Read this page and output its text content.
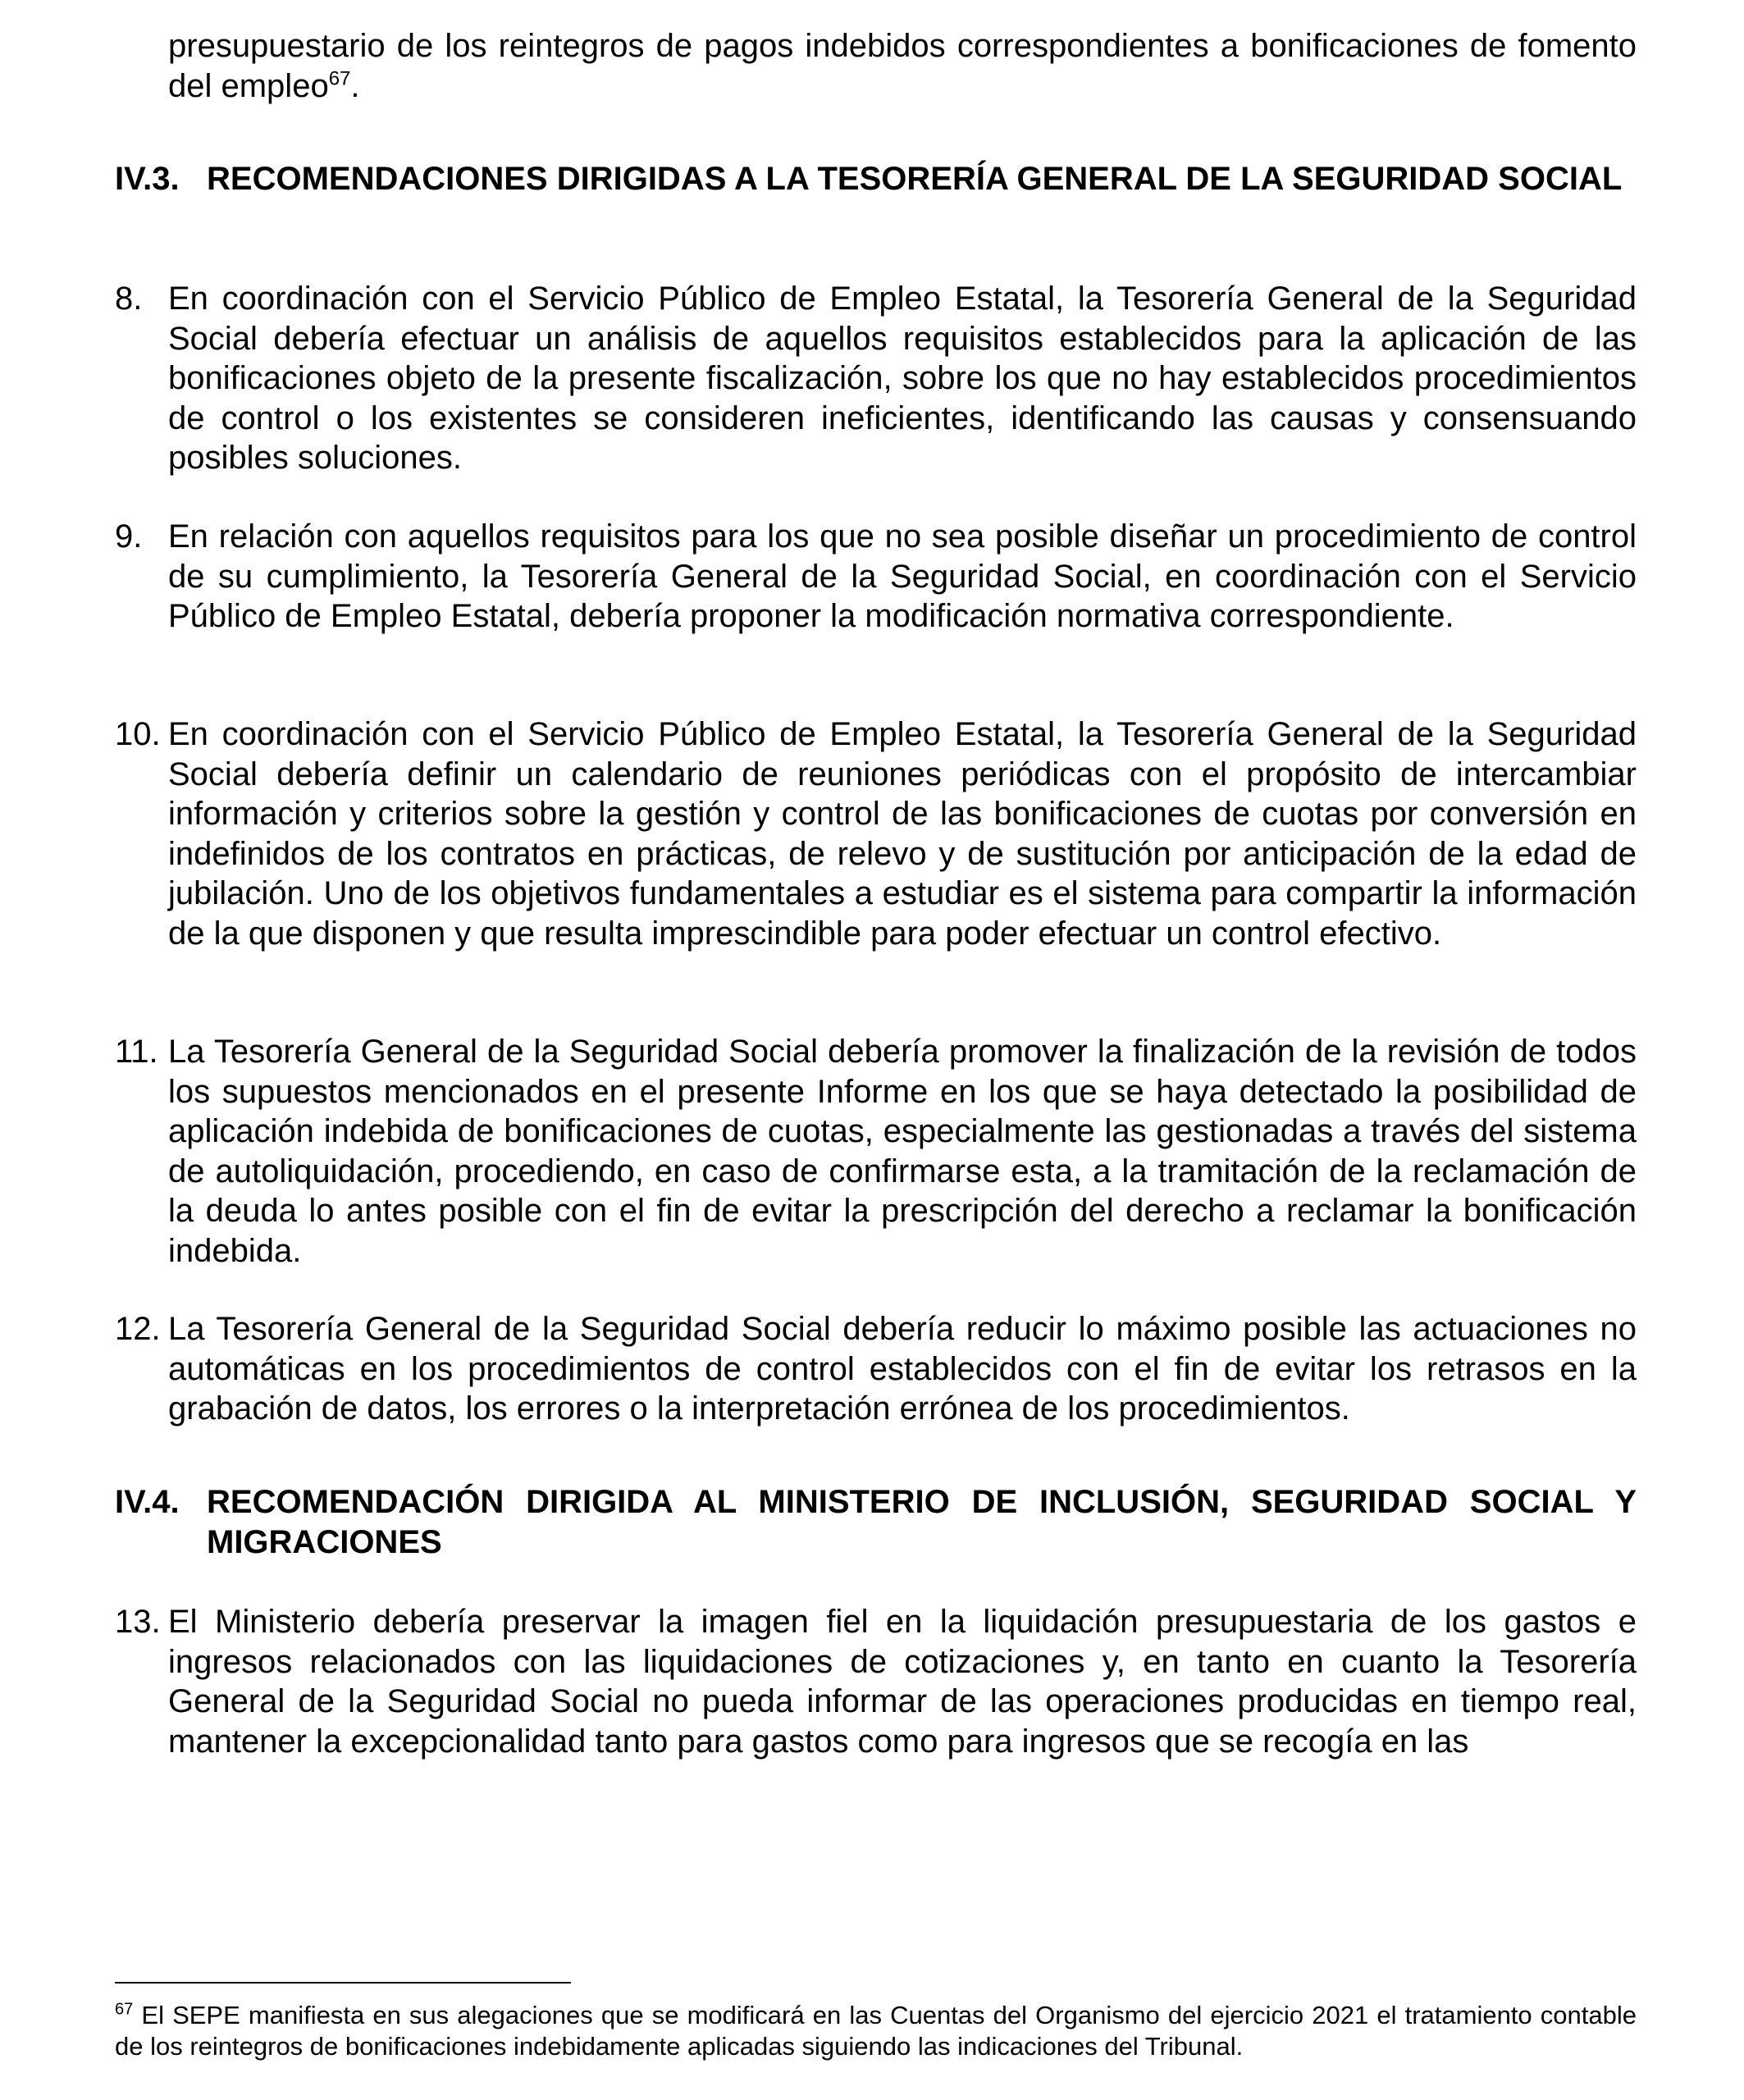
presupuestario de los reintegros de pagos indebidos correspondientes a bonificaciones de fomento del empleo$^{67}$.

IV.3. RECOMENDACIONES DIRIGIDAS A LA TESORERÍA GENERAL DE LA SEGURIDAD SOCIAL
8. En coordinación con el Servicio Público de Empleo Estatal, la Tesorería General de la Seguridad Social debería efectuar un análisis de aquellos requisitos establecidos para la aplicación de las bonificaciones objeto de la presente fiscalización, sobre los que no hay establecidos procedimientos de control o los existentes se consideren ineficientes, identificando las causas y consensuando posibles soluciones.
9. En relación con aquellos requisitos para los que no sea posible diseñar un procedimiento de control de su cumplimiento, la Tesorería General de la Seguridad Social, en coordinación con el Servicio Público de Empleo Estatal, debería proponer la modificación normativa correspondiente.
10. En coordinación con el Servicio Público de Empleo Estatal, la Tesorería General de la Seguridad Social debería definir un calendario de reuniones periódicas con el propósito de intercambiar información y criterios sobre la gestión y control de las bonificaciones de cuotas por conversión en indefinidos de los contratos en prácticas, de relevo y de sustitución por anticipación de la edad de jubilación. Uno de los objetivos fundamentales a estudiar es el sistema para compartir la información de la que disponen y que resulta imprescindible para poder efectuar un control efectivo.
11. La Tesorería General de la Seguridad Social debería promover la finalización de la revisión de todos los supuestos mencionados en el presente Informe en los que se haya detectado la posibilidad de aplicación indebida de bonificaciones de cuotas, especialmente las gestionadas a través del sistema de autoliquidación, procediendo, en caso de confirmarse esta, a la tramitación de la reclamación de la deuda lo antes posible con el fin de evitar la prescripción del derecho a reclamar la bonificación indebida.
12. La Tesorería General de la Seguridad Social debería reducir lo máximo posible las actuaciones no automáticas en los procedimientos de control establecidos con el fin de evitar los retrasos en la grabación de datos, los errores o la interpretación errónea de los procedimientos.
IV.4. RECOMENDACIÓN DIRIGIDA AL MINISTERIO DE INCLUSIÓN, SEGURIDAD SOCIAL Y MIGRACIONES
13. El Ministerio debería preservar la imagen fiel en la liquidación presupuestaria de los gastos e ingresos relacionados con las liquidaciones de cotizaciones y, en tanto en cuanto la Tesorería General de la Seguridad Social no pueda informar de las operaciones producidas en tiempo real, mantener la excepcionalidad tanto para gastos como para ingresos que se recogía en las

$^{67}$ El SEPE manifiesta en sus alegaciones que se modificará en las Cuentas del Organismo del ejercicio 2021 el tratamiento contable de los reintegros de bonificaciones indebidamente aplicadas siguiendo las indicaciones del Tribunal.
